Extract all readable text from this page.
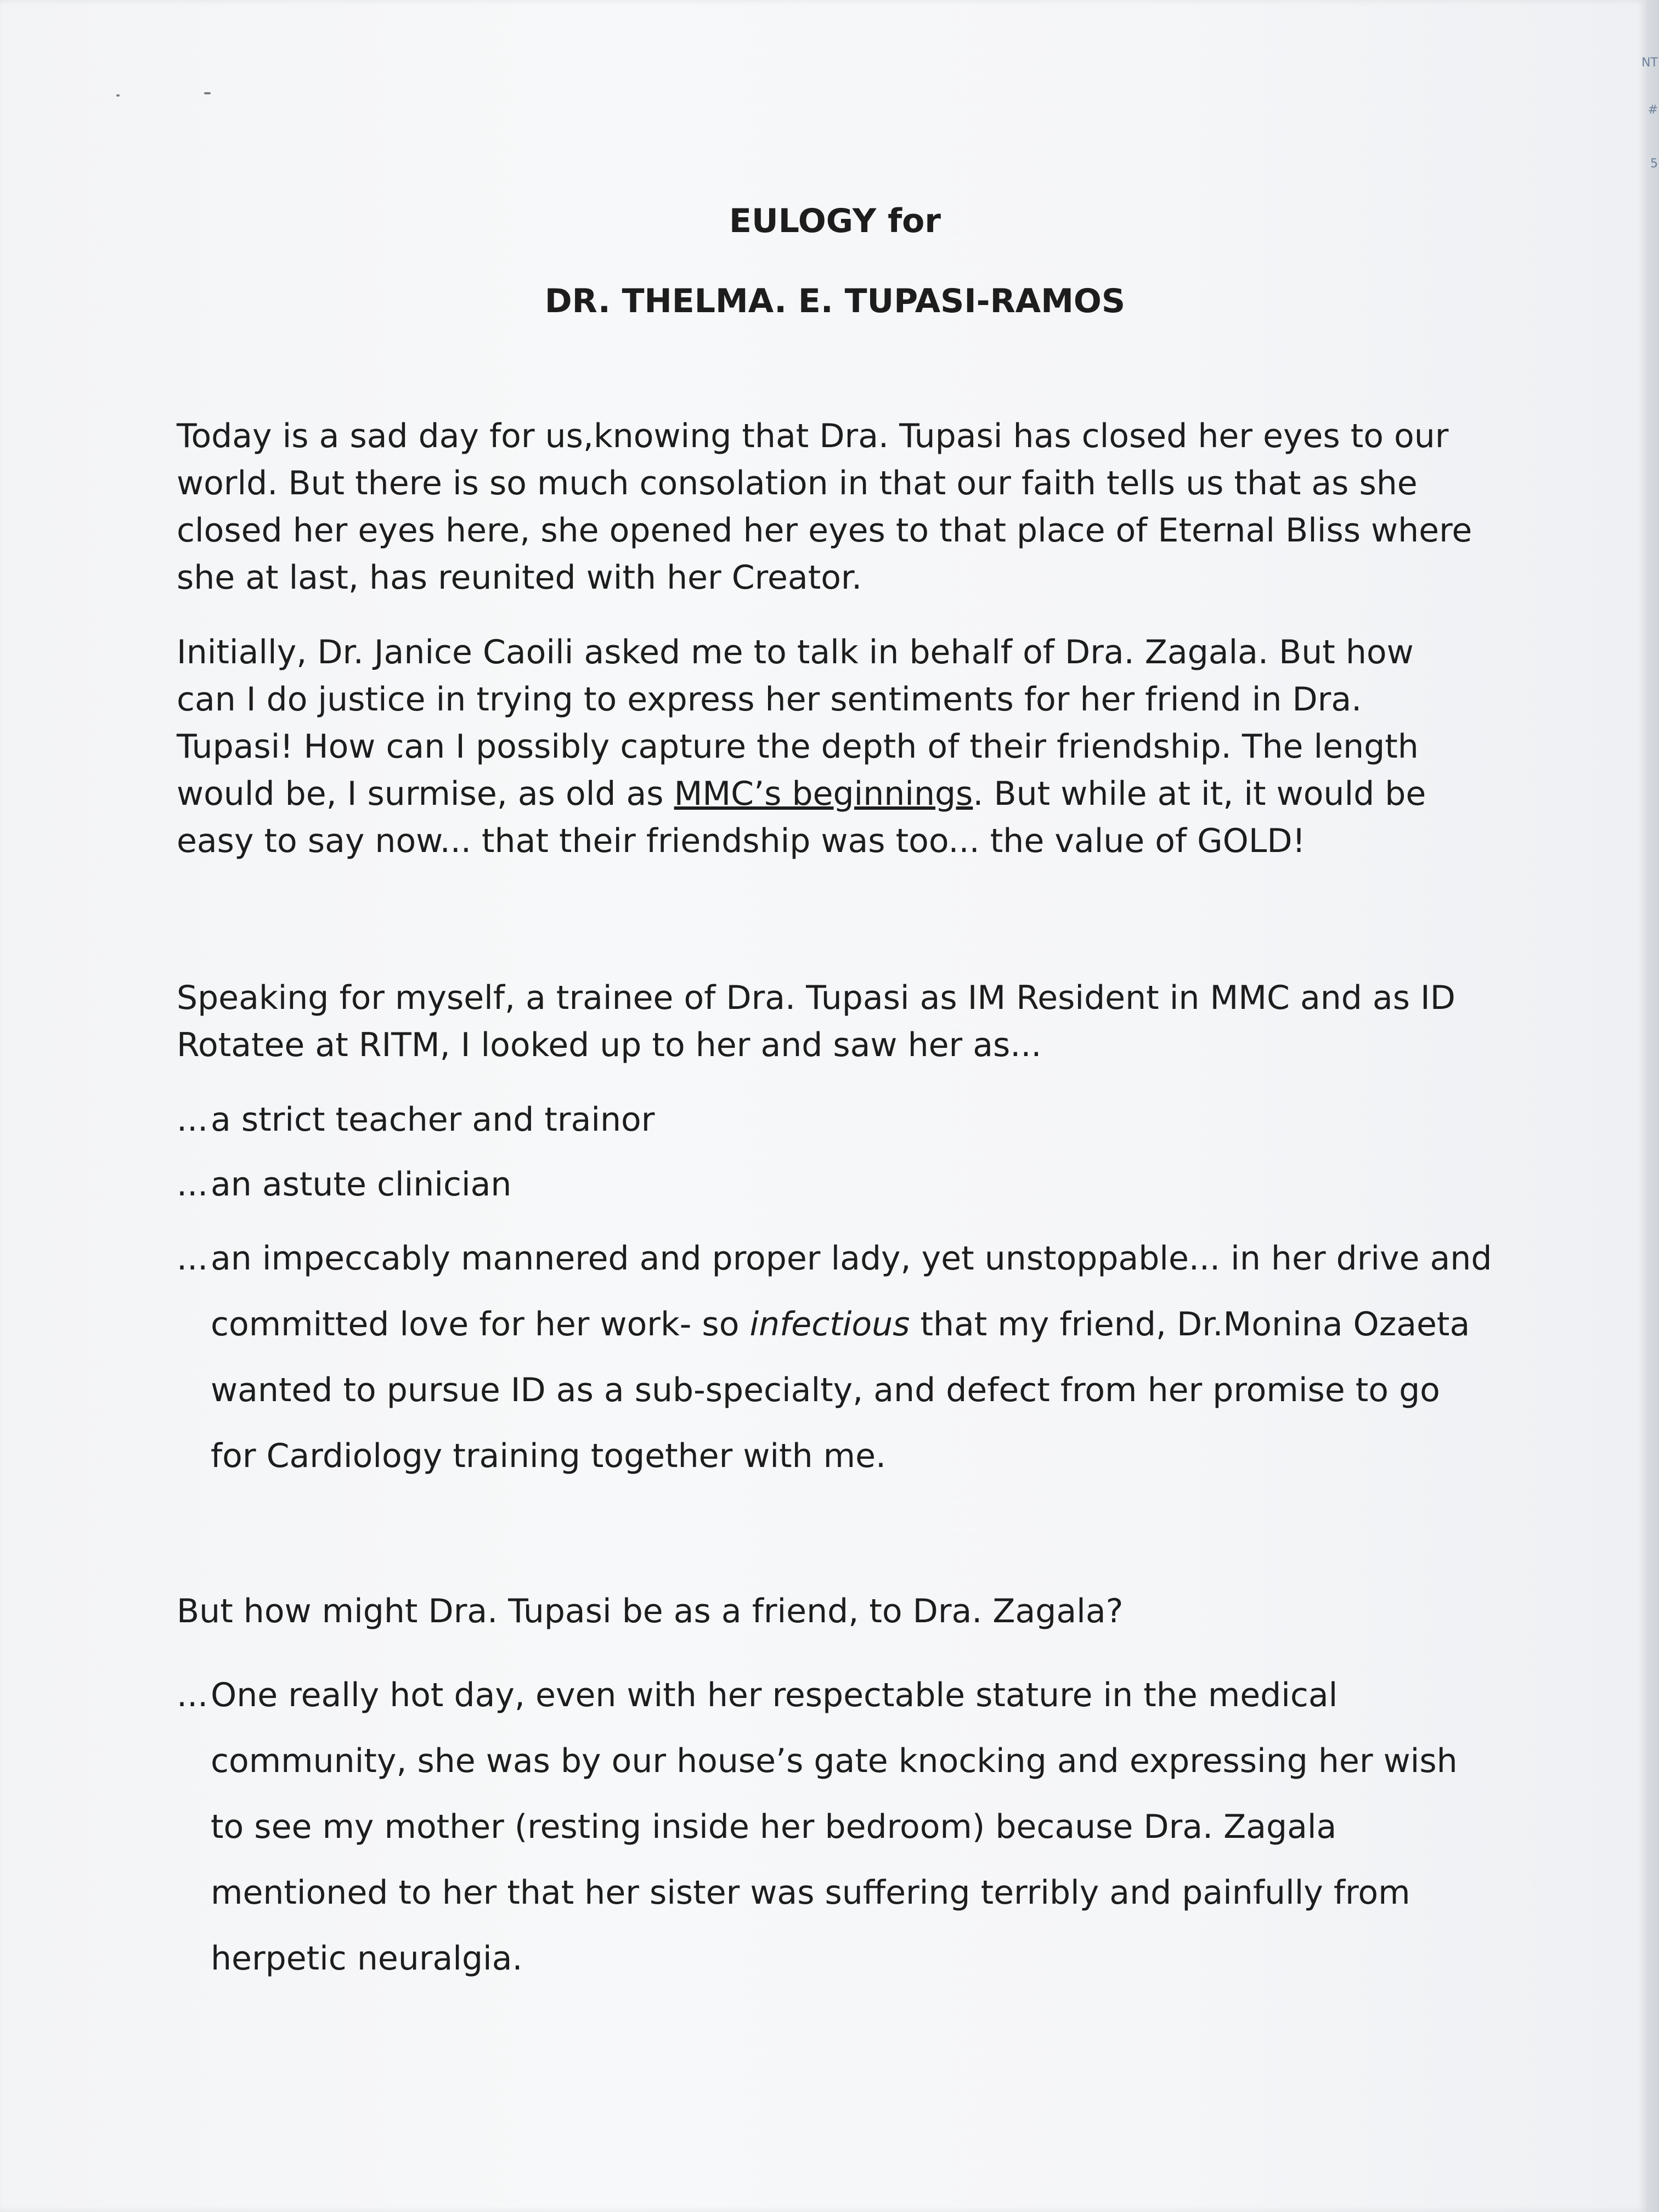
EULOGY for

DR. THELMA. E. TUPASI-RAMOS

Today is a sad day for us,knowing that Dra. Tupasi has closed her eyes to our world. But there is so much consolation in that our faith tells us that as she closed her eyes here, she opened her eyes to that place of Eternal Bliss where she at last, has reunited with her Creator.

Initially, Dr. Janice Caoili asked me to talk in behalf of Dra. Zagala. But how can I do justice in trying to express her sentiments for her friend in Dra. Tupasi! How can I possibly capture the depth of their friendship. The length would be, I surmise, as old as MMC’s beginnings. But while at it, it would be easy to say now... that their friendship was too... the value of GOLD!

Speaking for myself, a trainee of Dra. Tupasi as IM Resident in MMC and as ID Rotatee at RITM, I looked up to her and saw her as...

... a strict teacher and trainor

... an astute clinician

... an impeccably mannered and proper lady, yet unstoppable... in her drive and committed love for her work- so infectious that my friend, Dr.Monina Ozaeta wanted to pursue ID as a sub-specialty, and defect from her promise to go for Cardiology training together with me.

But how might Dra. Tupasi be as a friend, to Dra. Zagala?

... One really hot day, even with her respectable stature in the medical community, she was by our house’s gate knocking and expressing her wish to see my mother (resting inside her bedroom) because Dra. Zagala mentioned to her that her sister was suffering terribly and painfully from herpetic neuralgia.

NT
#
5
